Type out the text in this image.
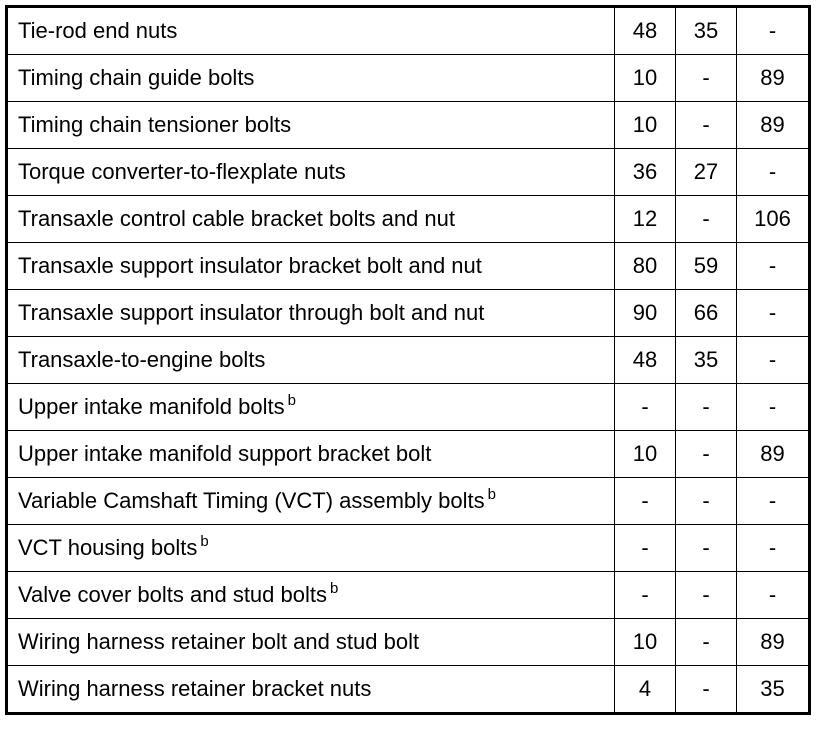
Tie-rod end nuts	48	35	-
Timing chain guide bolts	10	-	89
Timing chain tensioner bolts	10	-	89
Torque converter-to-flexplate nuts	36	27	-
Transaxle control cable bracket bolts and nut	12	-	106
Transaxle support insulator bracket bolt and nut	80	59	-
Transaxle support insulator through bolt and nut	90	66	-
Transaxle-to-engine bolts	48	35	-
Upper intake manifold bolts $^b$	-	-	-
Upper intake manifold support bracket bolt	10	-	89
Variable Camshaft Timing (VCT) assembly bolts $^b$	-	-	-
VCT housing bolts $^b$	-	-	-
Valve cover bolts and stud bolts $^b$	-	-	-
Wiring harness retainer bolt and stud bolt	10	-	89
Wiring harness retainer bracket nuts	4	-	35
